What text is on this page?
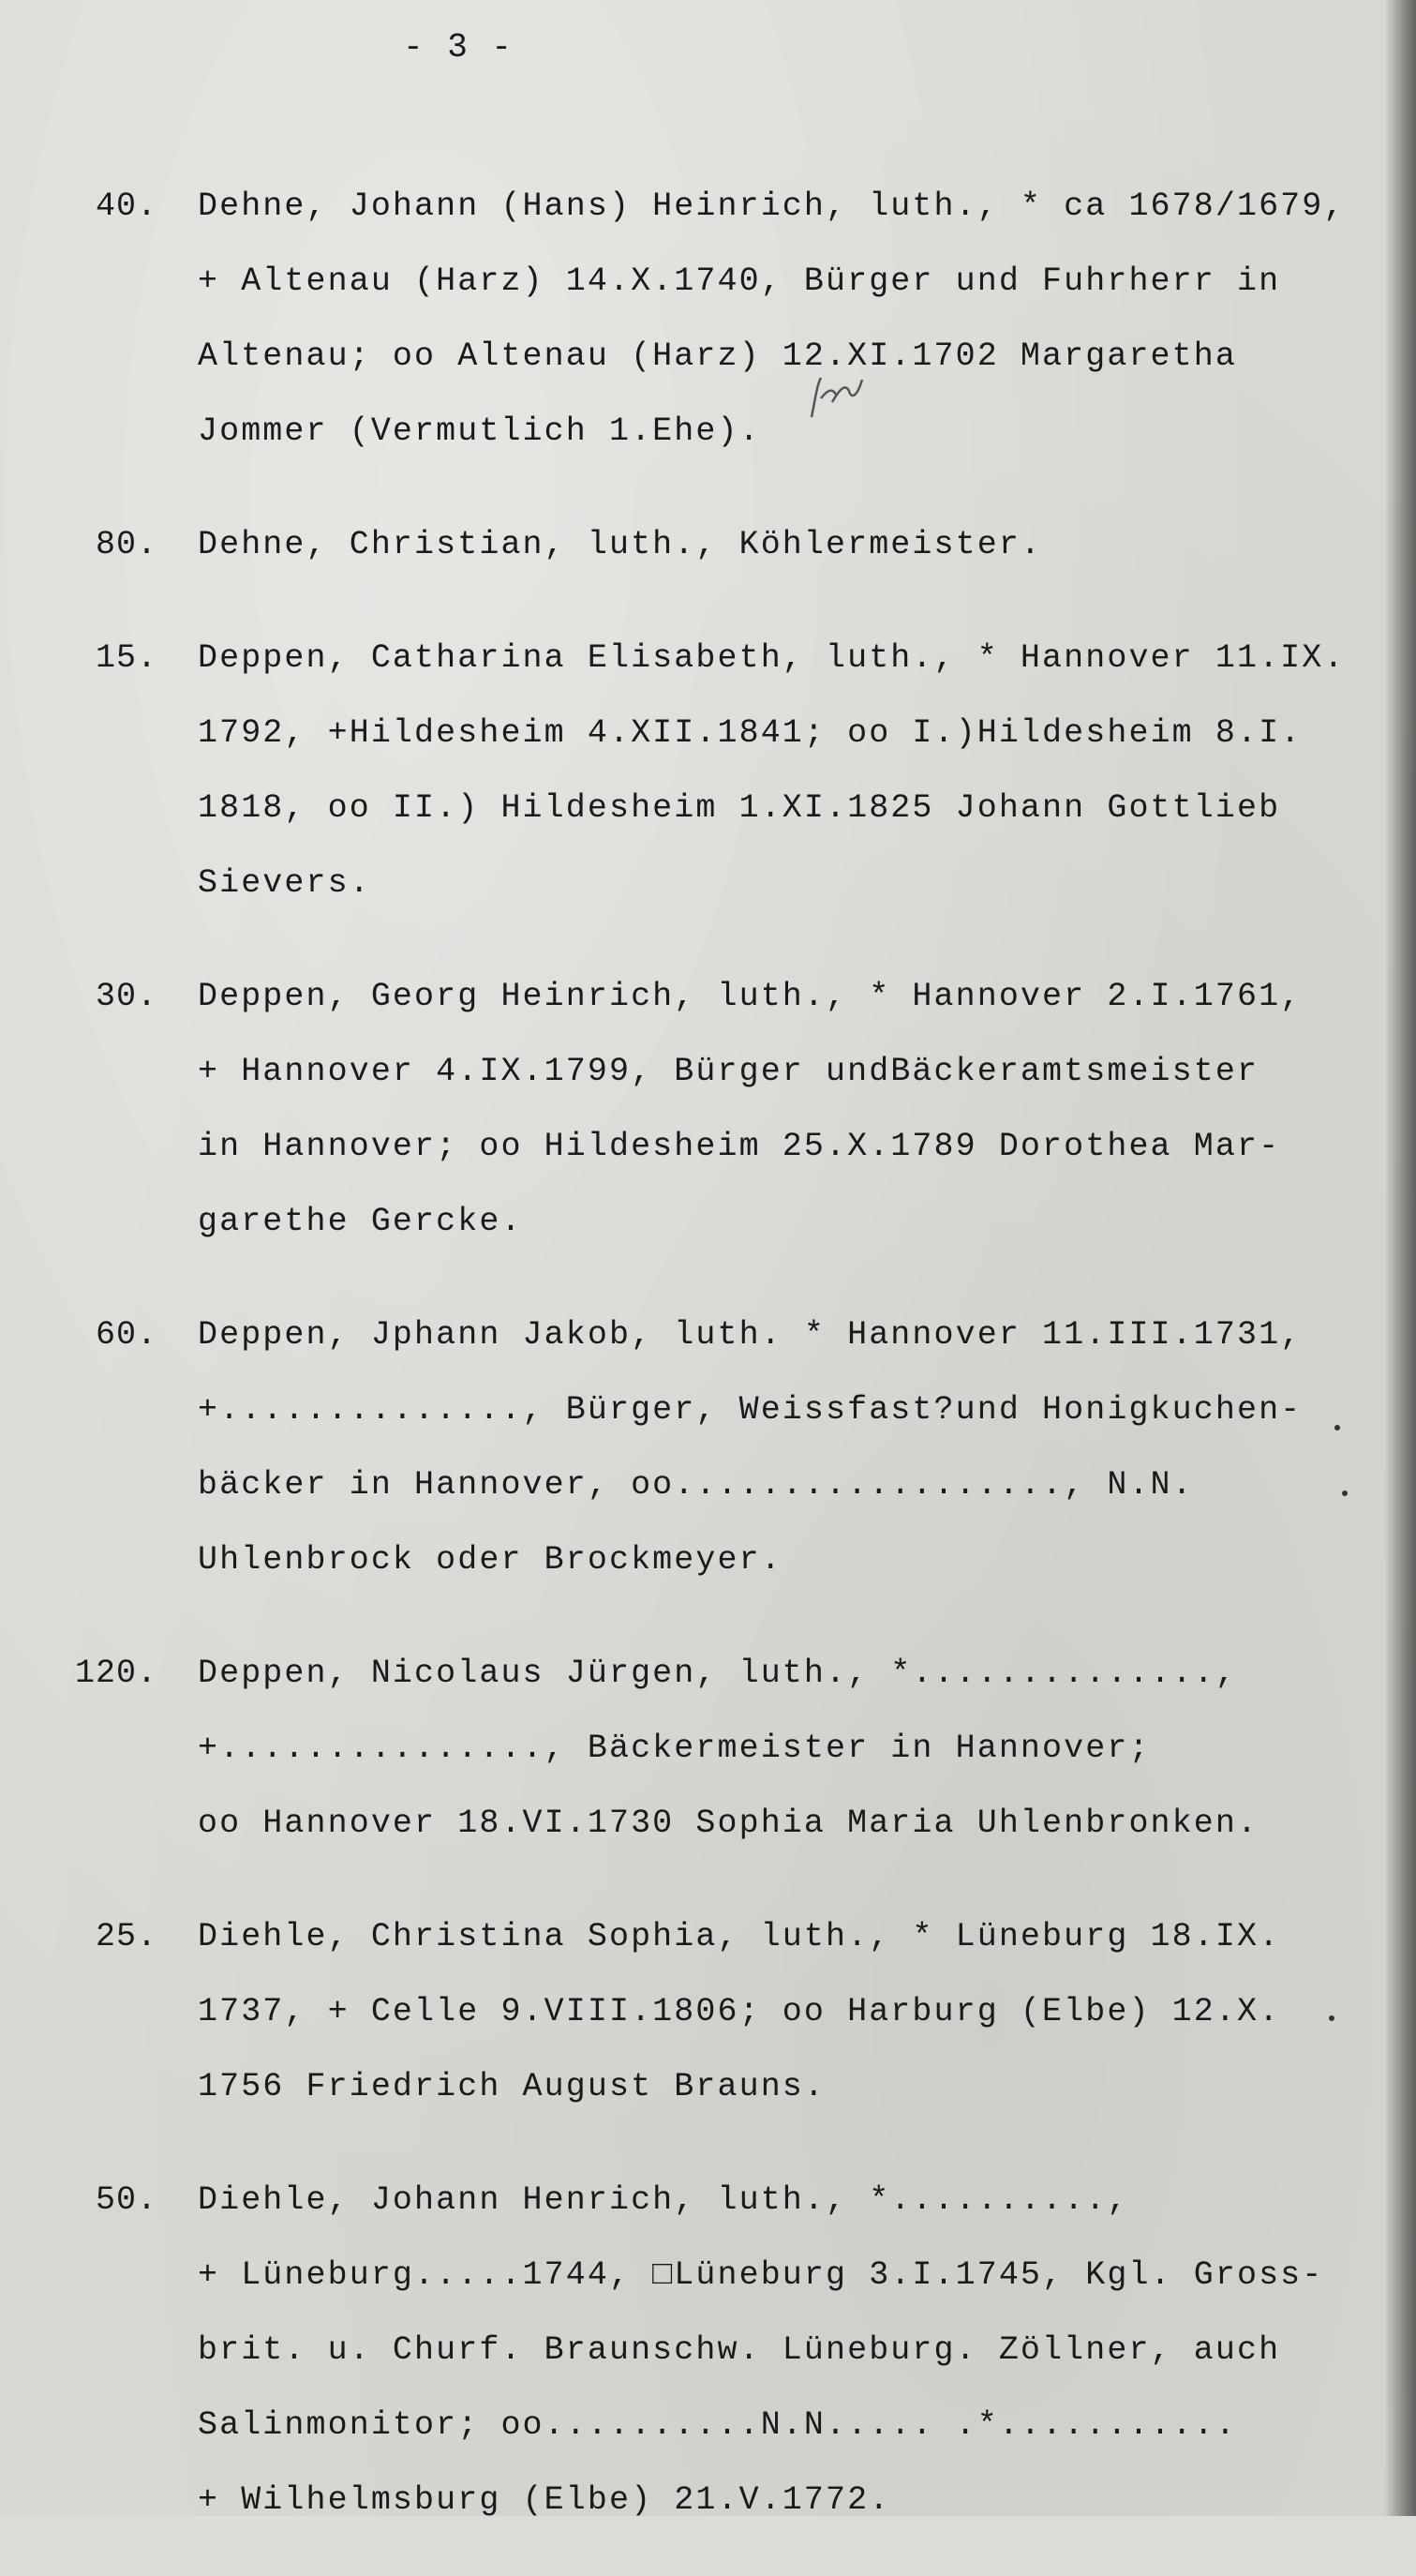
- 3 -
40. Dehne, Johann (Hans) Heinrich, luth., * ca 1678/1679,
+ Altenau (Harz) 14.X.1740, Bürger und Fuhrherr in
Altenau; oo Altenau (Harz) 12.XI.1702 Margaretha
Jommer (Vermutlich 1.Ehe).
80. Dehne, Christian, luth., Köhlermeister.
15. Deppen, Catharina Elisabeth, luth., * Hannover 11.IX.
1792, +Hildesheim 4.XII.1841; oo I.)Hildesheim 8.I.
1818, oo II.) Hildesheim 1.XI.1825 Johann Gottlieb
Sievers.
30. Deppen, Georg Heinrich, luth., * Hannover 2.I.1761,
+ Hannover 4.IX.1799, Bürger undBäckeramtsmeister
in Hannover; oo Hildesheim 25.X.1789 Dorothea Mar-
garethe Gercke.
60. Deppen, Jphann Jakob, luth. * Hannover 11.III.1731,
+.............., Bürger, Weissfast?und Honigkuchen-
bäcker in Hannover, oo.................., N.N.
Uhlenbrock oder Brockmeyer.
120. Deppen, Nicolaus Jürgen, luth., *..............,
+..............., Bäckermeister in Hannover;
oo Hannover 18.VI.1730 Sophia Maria Uhlenbronken.
25. Diehle, Christina Sophia, luth., * Lüneburg 18.IX.
1737, + Celle 9.VIII.1806; oo Harburg (Elbe) 12.X.
1756 Friedrich August Brauns.
50. Diehle, Johann Henrich, luth., *..........,
+ Lüneburg.....1744, □Lüneburg 3.I.1745, Kgl. Gross-
brit. u. Churf. Braunschw. Lüneburg. Zöllner, auch
Salinmonitor; oo..........N.N..... .*...........
+ Wilhelmsburg (Elbe) 21.V.1772.
